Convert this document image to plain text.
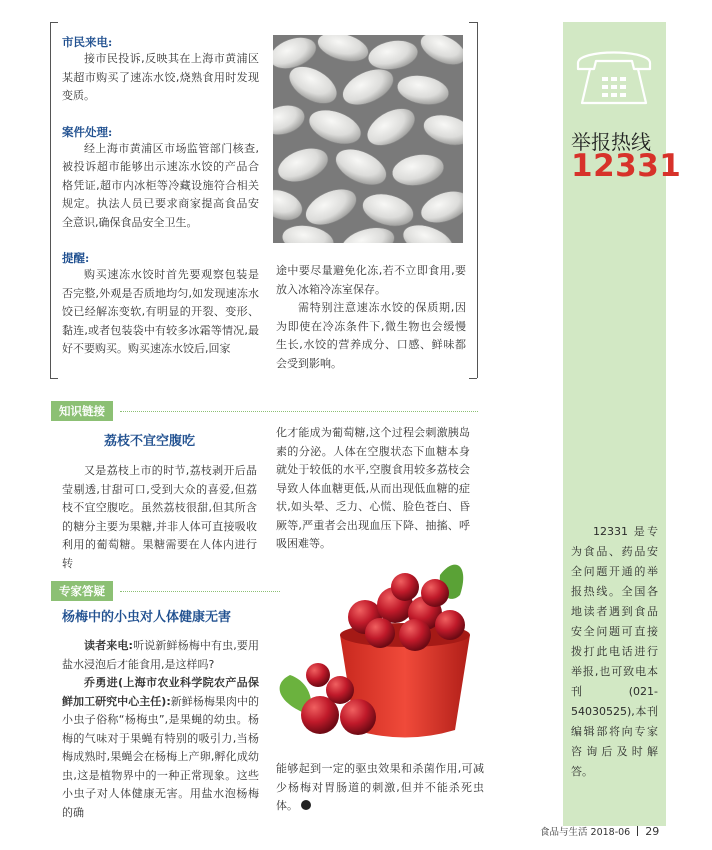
市民来电:

接市民投诉,反映其在上海市黄浦区某超市购买了速冻水饺,烧熟食用时发现变质。

案件处理:

经上海市黄浦区市场监管部门核查,被投诉超市能够出示速冻水饺的产品合格凭证,超市内冰柜等冷藏设施符合相关规定。执法人员已要求商家提高食品安全意识,确保食品安全卫生。

提醒:

购买速冻水饺时首先要观察包装是否完整,外观是否质地均匀,如发现速冻水饺已经解冻变软,有明显的开裂、变形、黏连,或者包装袋中有较多冰霜等情况,最好不要购买。购买速冻水饺后,回家

途中要尽量避免化冻,若不立即食用,要放入冰箱冷冻室保存。

需特别注意速冻水饺的保质期,因为即使在冷冻条件下,微生物也会缓慢生长,水饺的营养成分、口感、鲜味都会受到影响。

知识链接
荔枝不宜空腹吃

又是荔枝上市的时节,荔枝剥开后晶莹剔透,甘甜可口,受到大众的喜爱,但荔枝不宜空腹吃。虽然荔枝很甜,但其所含的糖分主要为果糖,并非人体可直接吸收利用的葡萄糖。果糖需要在人体内进行转

化才能成为葡萄糖,这个过程会刺激胰岛素的分泌。人体在空腹状态下血糖本身就处于较低的水平,空腹食用较多荔枝会导致人体血糖更低,从而出现低血糖的症状,如头晕、乏力、心慌、脸色苍白、昏厥等,严重者会出现血压下降、抽搐、呼吸困难等。

专家答疑
杨梅中的小虫对人体健康无害

读者来电:听说新鲜杨梅中有虫,要用盐水浸泡后才能食用,是这样吗?

乔勇进(上海市农业科学院农产品保鲜加工研究中心主任):新鲜杨梅果肉中的小虫子俗称“杨梅虫”,是果蝇的幼虫。杨梅的气味对于果蝇有特别的吸引力,当杨梅成熟时,果蝇会在杨梅上产卵,孵化成幼虫,这是植物界中的一种正常现象。这些小虫子对人体健康无害。用盐水泡杨梅的确

能够起到一定的驱虫效果和杀菌作用,可减少杨梅对胃肠道的刺激,但并不能杀死虫体。

举报热线
12331

12331 是专为食品、药品安全问题开通的举报热线。全国各地读者遇到食品安全问题可直接拨打此电话进行举报,也可致电本刊(021-54030525),本刊编辑部将向专家咨询后及时解答。

食品与生活 2018-06 29
